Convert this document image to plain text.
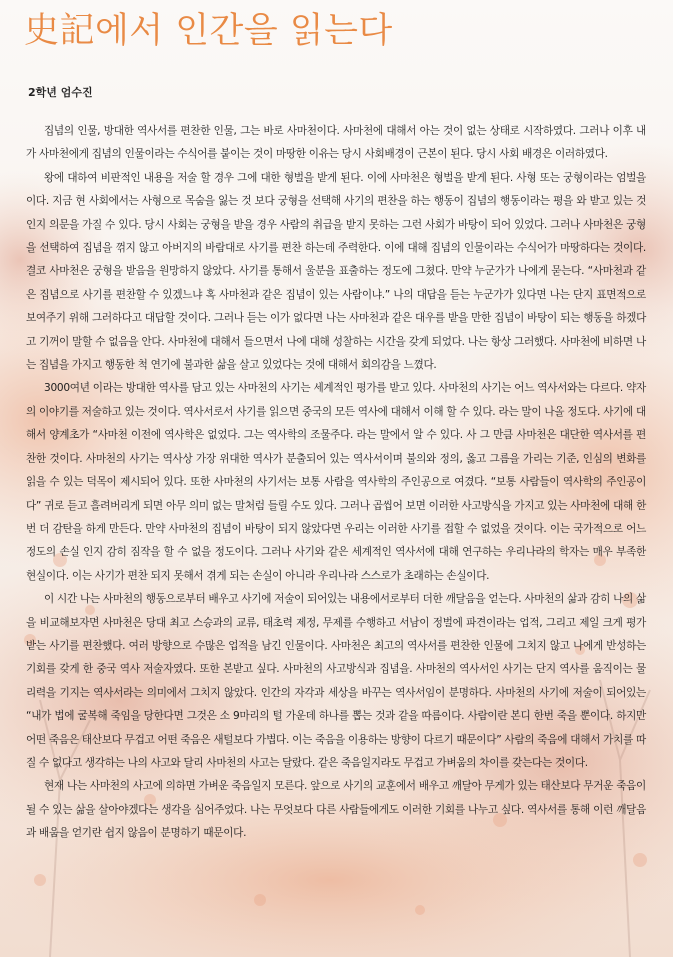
史記에서 인간을 읽는다
2학년 엄수진

집념의 인물, 방대한 역사서를 편찬한 인물, 그는 바로 사마천이다. 사마천에 대해서 아는 것이 없는 상태로 시작하였다. 그러나 이후 내가 사마천에게 집념의 인물이라는 수식어를 붙이는 것이 마땅한 이유는 당시 사회배경이 근본이 된다. 당시 사회 배경은 이러하였다.

왕에 대하여 비판적인 내용을 저술 할 경우 그에 대한 형벌을 받게 된다. 이에 사마천은 형벌을 받게 된다. 사형 또는 궁형이라는 엄벌을 이다. 지금 현 사회에서는 사형으로 목숨을 잃는 것 보다 궁형을 선택해 사기의 편찬을 하는 행동이 집념의 행동이라는 평을 와 받고 있는 것인지 의문을 가질 수 있다. 당시 사회는 궁형을 받을 경우 사람의 취급을 받지 못하는 그런 사회가 바탕이 되어 있었다. 그러나 사마천은 궁형을 선택하여 집념을 꺾지 않고 아버지의 바람대로 사기를 편찬 하는데 주력한다. 이에 대해 집념의 인물이라는 수식어가 마땅하다는 것이다. 결코 사마천은 궁형을 받음을 원망하지 않았다. 사기를 통해서 울분을 표출하는 정도에 그쳤다. 만약 누군가가 나에게 묻는다. “사마천과 같은 집념으로 사기를 편찬할 수 있겠느냐 혹 사마천과 같은 집념이 있는 사람이냐.” 나의 대답을 듣는 누군가가 있다면 나는 단지 표면적으로 보여주기 위해 그러하다고 대답할 것이다. 그러나 듣는 이가 없다면 나는 사마천과 같은 대우를 받을 만한 집념이 바탕이 되는 행동을 하겠다고 기꺼이 말할 수 없음을 안다. 사마천에 대해서 들으면서 나에 대해 성찰하는 시간을 갖게 되었다. 나는 항상 그러했다. 사마천에 비하면 나는 집념을 가지고 행동한 척 연기에 불과한 삶을 살고 있었다는 것에 대해서 회의감을 느꼈다.

3000여년 이라는 방대한 역사를 담고 있는 사마천의 사기는 세계적인 평가를 받고 있다. 사마천의 사기는 어느 역사서와는 다르다. 약자의 이야기를 저술하고 있는 것이다. 역사서로서 사기를 읽으면 중국의 모든 역사에 대해서 이해 할 수 있다. 라는 말이 나올 정도다. 사기에 대해서 양계초가 “사마천 이전에 역사학은 없었다. 그는 역사학의 조물주다. 라는 말에서 알 수 있다. 사 그 만큼 사마천은 대단한 역사서를 편찬한 것이다. 사마천의 사기는 역사상 가장 위대한 역사가 분출되어 있는 역사서이며 불의와 정의, 옳고 그름을 가리는 기준, 인심의 변화를 읽을 수 있는 덕목이 제시되어 있다. 또한 사마천의 사기서는 보통 사람을 역사학의 주인공으로 여겼다. “보통 사람들이 역사학의 주인공이다” 귀로 듣고 흘려버리게 되면 아무 의미 없는 말처럼 들릴 수도 있다. 그러나 곱씹어 보면 이러한 사고방식을 가지고 있는 사마천에 대해 한 번 더 감탄을 하게 만든다. 만약 사마천의 집념이 바탕이 되지 않았다면 우리는 이러한 사기를 접할 수 없었을 것이다. 이는 국가적으로 어느 정도의 손실 인지 감히 짐작을 할 수 없을 정도이다. 그러나 사기와 같은 세계적인 역사서에 대해 연구하는 우리나라의 학자는 매우 부족한 현실이다. 이는 사기가 편찬 되지 못해서 겪게 되는 손실이 아니라 우리나라 스스로가 초래하는 손실이다.

이 시간 나는 사마천의 행동으로부터 배우고 사기에 저술이 되어있는 내용에서로부터 더한 깨달음을 얻는다. 사마천의 삶과 감히 나의 삶을 비교해보자면 사마천은 당대 최고 스승과의 교류, 태초력 제정, 무제를 수행하고 서남이 정벌에 파견이라는 업적, 그리고 제일 크게 평가 받는 사기를 편찬했다. 여러 방향으로 수많은 업적을 남긴 인물이다. 사마천은 최고의 역사서를 편찬한 인물에 그치지 않고 나에게 반성하는 기회를 갖게 한 중국 역사 저술자였다. 또한 본받고 싶다. 사마천의 사고방식과 집념을. 사마천의 역사서인 사기는 단지 역사를 움직이는 물리력을 기지는 역사서라는 의미에서 그치지 않았다. 인간의 자각과 세상을 바꾸는 역사서임이 분명하다. 사마천의 사기에 저술이 되어있는 “내가 법에 굴복해 죽임을 당한다면 그것은 소 9마리의 털 가운데 하나를 뽑는 것과 같을 따름이다. 사람이란 본디 한번 죽을 뿐이다. 하지만 어떤 죽음은 태산보다 무겁고 어떤 죽음은 새털보다 가볍다. 이는 죽음을 이용하는 방향이 다르기 때문이다” 사람의 죽음에 대해서 가치를 따질 수 없다고 생각하는 나의 사고와 달리 사마천의 사고는 달랐다. 같은 죽음일지라도 무겁고 가벼움의 차이를 갖는다는 것이다.

현재 나는 사마천의 사고에 의하면 가벼운 죽음일지 모른다. 앞으로 사기의 교훈에서 배우고 깨달아 무게가 있는 태산보다 무거운 죽음이 될 수 있는 삶을 살아야겠다는 생각을 심어주었다. 나는 무엇보다 다른 사람들에게도 이러한 기회를 나누고 싶다. 역사서를 통해 이런 깨달음과 배움을 얻기란 쉽지 않음이 분명하기 때문이다.
